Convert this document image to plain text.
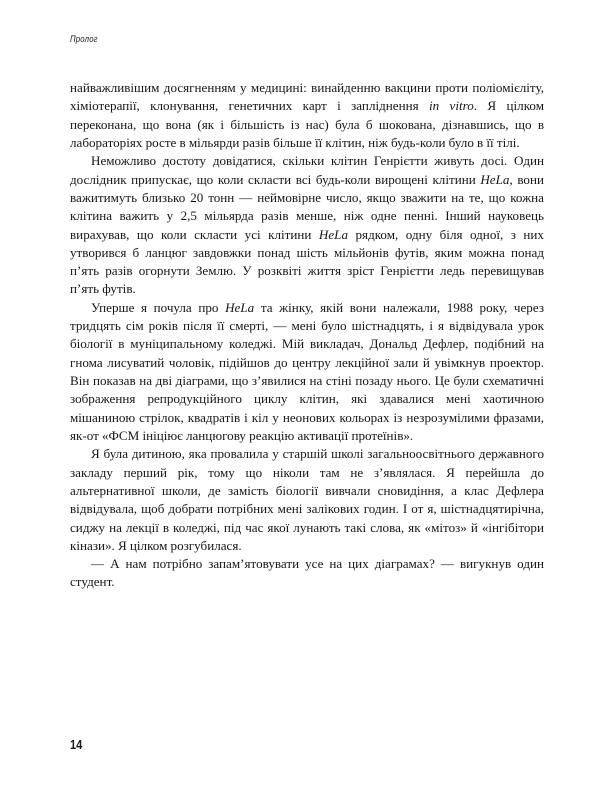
Пролог

найважливішим досягненням у медицині: винайденню вакцини проти поліомієліту, хіміотерапії, клонування, генетичних карт і запліднення in vitro. Я цілком переконана, що вона (як і більшість із нас) була б шокована, дізнавшись, що в лабораторіях росте в мільярди разів більше її клітин, ніж будь-коли було в її тілі.

Неможливо достоту довідатися, скільки клітин Генрієтти живуть досі. Один дослідник припускає, що коли скласти всі будь-коли вирощені клітини HeLa, вони важитимуть близько 20 тонн — неймовірне число, якщо зважити на те, що кожна клітина важить у 2,5 мільярда разів менше, ніж одне пенні. Інший науковець вирахував, що коли скласти усі клітини HeLa рядком, одну біля одної, з них утворився б ланцюг завдовжки понад шість мільйонів футів, яким можна понад п’ять разів огорнути Землю. У розквіті життя зріст Генрієтти ледь перевищував п’ять футів.

Уперше я почула про HeLa та жінку, якій вони належали, 1988 року, через тридцять сім років після її смерті, — мені було шістнадцять, і я відвідувала урок біології в муніципальному коледжі. Мій викладач, Дональд Дефлер, подібний на гнома лисуватий чоловік, підійшов до центру лекційної зали й увімкнув проектор. Він показав на дві діаграми, що з’явилися на стіні позаду нього. Це були схематичні зображення репродукційного циклу клітин, які здавалися мені хаотичною мішаниною стрілок, квадратів і кіл у неонових кольорах із незрозумілими фразами, як-от «ФСМ ініціює ланцюгову реакцію активації протеїнів».

Я була дитиною, яка провалила у старшій школі загальноосвітнього державного закладу перший рік, тому що ніколи там не з’являлася. Я перейшла до альтернативної школи, де замість біології вивчали сновидіння, а клас Дефлера відвідувала, щоб добрати потрібних мені залікових годин. І от я, шістнадцятирічна, сиджу на лекції в коледжі, під час якої лунають такі слова, як «мітоз» й «інгібітори кінази». Я цілком розгубилася.

— А нам потрібно запам’ятовувати усе на цих діаграмах? — вигукнув один студент.

14
